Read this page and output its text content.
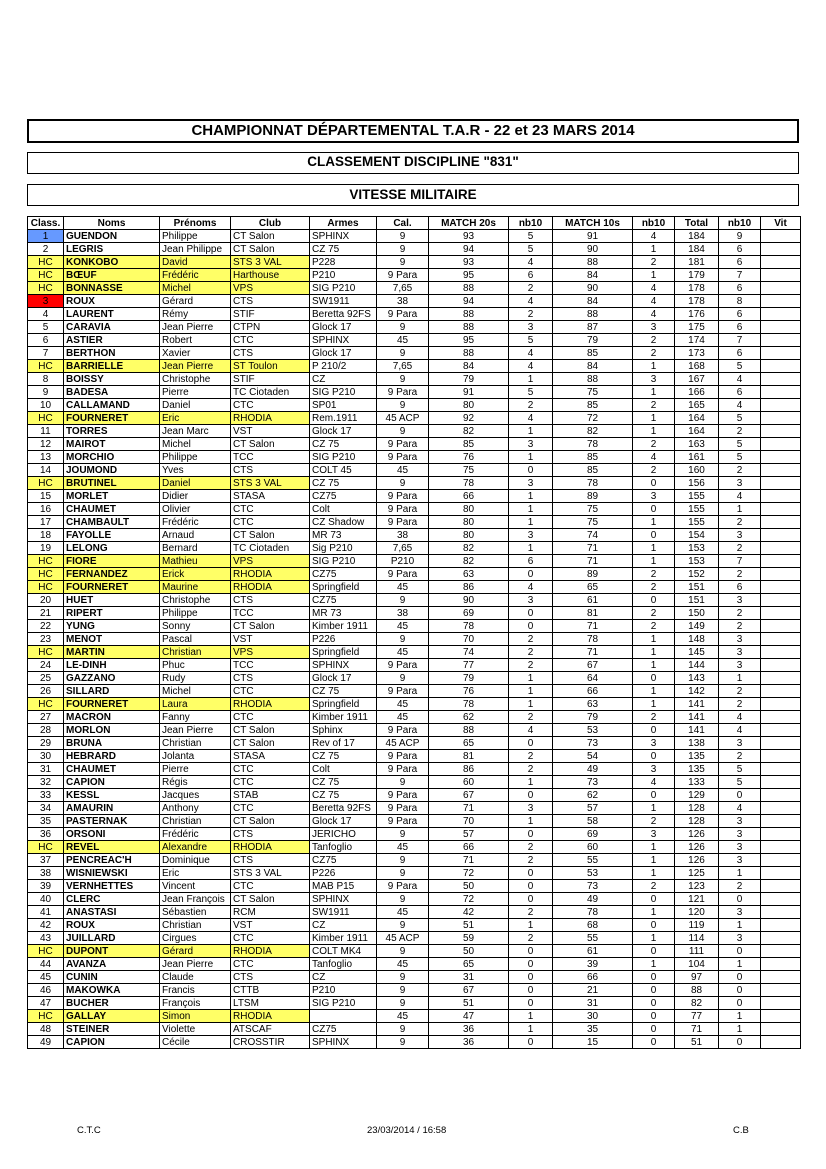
CHAMPIONNAT DÉPARTEMENTAL T.A.R - 22 et 23 MARS 2014
CLASSEMENT DISCIPLINE "831"
VITESSE MILITAIRE
Class.	Noms	Prénoms	Club	Armes	Cal.	MATCH 20s	nb10	MATCH 10s	nb10	Total	nb10	Vit
1	GUENDON	Philippe	CT Salon	SPHINX	9	93	5	91	4	184	9	
2	LEGRIS	Jean Philippe	CT Salon	CZ 75	9	94	5	90	1	184	6	
HC	KONKOBO	David	STS 3 VAL	P228	9	93	4	88	2	181	6	
HC	BŒUF	Frédéric	Harthouse	P210	9 Para	95	6	84	1	179	7	
HC	BONNASSE	Michel	VPS	SIG P210	7,65	88	2	90	4	178	6	
3	ROUX	Gérard	CTS	SW1911	38	94	4	84	4	178	8	
4	LAURENT	Rémy	STIF	Beretta 92FS	9 Para	88	2	88	4	176	6	
5	CARAVIA	Jean Pierre	CTPN	Glock 17	9	88	3	87	3	175	6	
6	ASTIER	Robert	CTC	SPHINX	45	95	5	79	2	174	7	
7	BERTHON	Xavier	CTS	Glock 17	9	88	4	85	2	173	6	
HC	BARRIELLE	Jean Pierre	ST Toulon	P 210/2	7,65	84	4	84	1	168	5	
8	BOISSY	Christophe	STIF	CZ	9	79	1	88	3	167	4	
9	BADESA	Pierre	TC Ciotaden	SIG P210	9 Para	91	5	75	1	166	6	
10	CALLAMAND	Daniel	CTC	SP01	9	80	2	85	2	165	4	
HC	FOURNERET	Eric	RHODIA	Rem.1911	45 ACP	92	4	72	1	164	5	
11	TORRES	Jean Marc	VST	Glock 17	9	82	1	82	1	164	2	
12	MAIROT	Michel	CT Salon	CZ 75	9 Para	85	3	78	2	163	5	
13	MORCHIO	Philippe	TCC	SIG P210	9 Para	76	1	85	4	161	5	
14	JOUMOND	Yves	CTS	COLT 45	45	75	0	85	2	160	2	
HC	BRUTINEL	Daniel	STS 3 VAL	CZ 75	9	78	3	78	0	156	3	
15	MORLET	Didier	STASA	CZ75	9 Para	66	1	89	3	155	4	
16	CHAUMET	Olivier	CTC	Colt	9 Para	80	1	75	0	155	1	
17	CHAMBAULT	Frédéric	CTC	CZ Shadow	9 Para	80	1	75	1	155	2	
18	FAYOLLE	Arnaud	CT Salon	MR 73	38	80	3	74	0	154	3	
19	LELONG	Bernard	TC Ciotaden	Sig P210	7,65	82	1	71	1	153	2	
HC	FIORE	Mathieu	VPS	SIG P210	P210	82	6	71	1	153	7	
HC	FERNANDEZ	Erick	RHODIA	CZ75	9 Para	63	0	89	2	152	2	
HC	FOURNERET	Maurine	RHODIA	Springfield	45	86	4	65	2	151	6	
20	HUET	Christophe	CTS	CZ75	9	90	3	61	0	151	3	
21	RIPERT	Philippe	TCC	MR 73	38	69	0	81	2	150	2	
22	YUNG	Sonny	CT Salon	Kimber 1911	45	78	0	71	2	149	2	
23	MENOT	Pascal	VST	P226	9	70	2	78	1	148	3	
HC	MARTIN	Christian	VPS	Springfield	45	74	2	71	1	145	3	
24	LE-DINH	Phuc	TCC	SPHINX	9 Para	77	2	67	1	144	3	
25	GAZZANO	Rudy	CTS	Glock 17	9	79	1	64	0	143	1	
26	SILLARD	Michel	CTC	CZ 75	9 Para	76	1	66	1	142	2	
HC	FOURNERET	Laura	RHODIA	Springfield	45	78	1	63	1	141	2	
27	MACRON	Fanny	CTC	Kimber 1911	45	62	2	79	2	141	4	
28	MORLON	Jean Pierre	CT Salon	Sphinx	9 Para	88	4	53	0	141	4	
29	BRUNA	Christian	CT Salon	Rev of 17	45 ACP	65	0	73	3	138	3	
30	HEBRARD	Jolanta	STASA	CZ 75	9 Para	81	2	54	0	135	2	
31	CHAUMET	Pierre	CTC	Colt	9 Para	86	2	49	3	135	5	
32	CAPION	Régis	CTC	CZ 75	9	60	1	73	4	133	5	
33	KESSL	Jacques	STAB	CZ 75	9 Para	67	0	62	0	129	0	
34	AMAURIN	Anthony	CTC	Beretta 92FS	9 Para	71	3	57	1	128	4	
35	PASTERNAK	Christian	CT Salon	Glock 17	9 Para	70	1	58	2	128	3	
36	ORSONI	Frédéric	CTS	JERICHO	9	57	0	69	3	126	3	
HC	REVEL	Alexandre	RHODIA	Tanfoglio	45	66	2	60	1	126	3	
37	PENCREAC'H	Dominique	CTS	CZ75	9	71	2	55	1	126	3	
38	WISNIEWSKI	Eric	STS 3 VAL	P226	9	72	0	53	1	125	1	
39	VERNHETTES	Vincent	CTC	MAB P15	9 Para	50	0	73	2	123	2	
40	CLERC	Jean François	CT Salon	SPHINX	9	72	0	49	0	121	0	
41	ANASTASI	Sébastien	RCM	SW1911	45	42	2	78	1	120	3	
42	ROUX	Christian	VST	CZ	9	51	1	68	0	119	1	
43	JUILLARD	Cirgues	CTC	Kimber 1911	45 ACP	59	2	55	1	114	3	
HC	DUPONT	Gérard	RHODIA	COLT MK4	9	50	0	61	0	111	0	
44	AVANZA	Jean Pierre	CTC	Tanfoglio	45	65	0	39	1	104	1	
45	CUNIN	Claude	CTS	CZ	9	31	0	66	0	97	0	
46	MAKOWKA	Francis	CTTB	P210	9	67	0	21	0	88	0	
47	BUCHER	François	LTSM	SIG P210	9	51	0	31	0	82	0	
HC	GALLAY	Simon	RHODIA		45	47	1	30	0	77	1	
48	STEINER	Violette	ATSCAF	CZ75	9	36	1	35	0	71	1	
49	CAPION	Cécile	CROSSTIR	SPHINX	9	36	0	15	0	51	0	
C.T.C	23/03/2014 / 16:58	C.B
